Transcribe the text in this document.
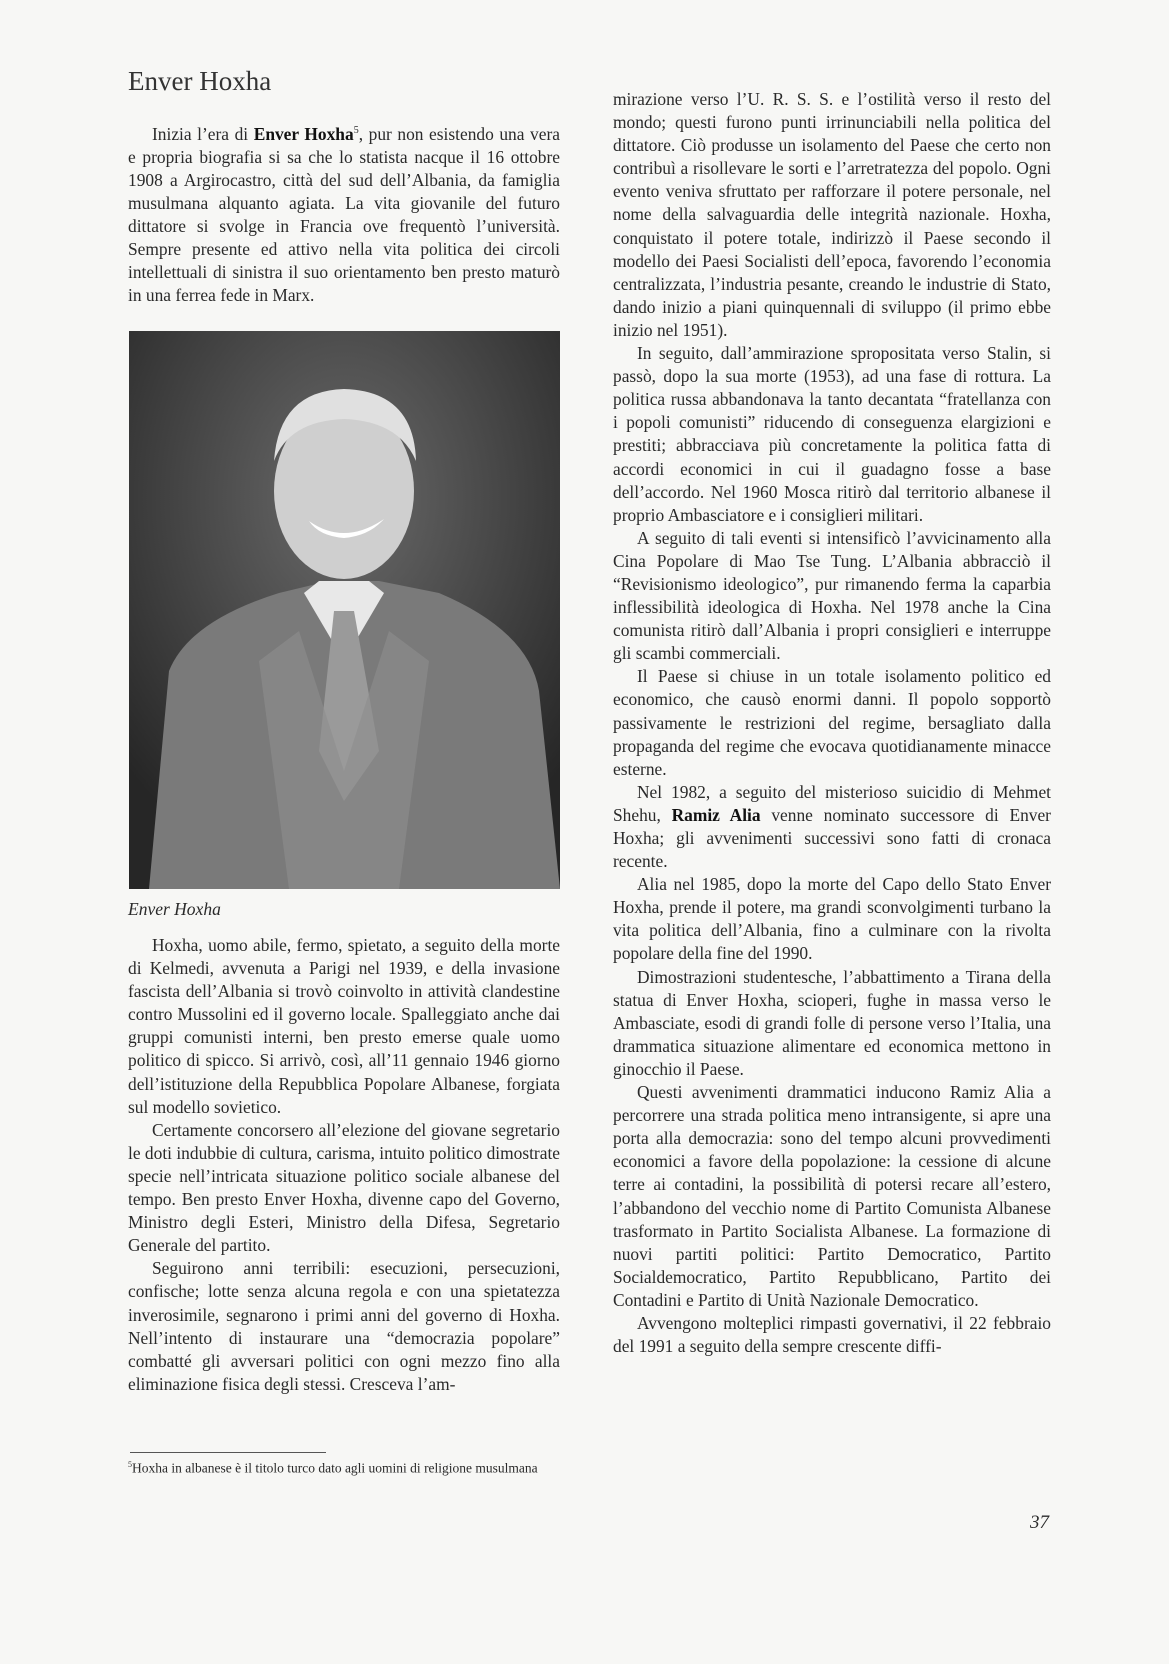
Enver Hoxha

Inizia l’era di Enver Hoxha$^5$, pur non esistendo una vera e propria biografia si sa che lo statista nacque il 16 ottobre 1908 a Argirocastro, città del sud dell’Albania, da famiglia musulmana alquanto agiata. La vita giovanile del futuro dittatore si svolge in Francia ove frequentò l’università. Sempre presente ed attivo nella vita politica dei circoli intellettuali di sinistra il suo orientamento ben presto maturò in una ferrea fede in Marx.

Enver Hoxha

Hoxha, uomo abile, fermo, spietato, a seguito della morte di Kelmedi, avvenuta a Parigi nel 1939, e della invasione fascista dell’Albania si trovò coinvolto in attività clandestine contro Mussolini ed il governo locale. Spalleggiato anche dai gruppi comunisti interni, ben presto emerse quale uomo politico di spicco. Si arrivò, così, all’11 gennaio 1946 giorno dell’istituzione della Repubblica Popolare Albanese, forgiata sul modello sovietico.

Certamente concorsero all’elezione del giovane segretario le doti indubbie di cultura, carisma, intuito politico dimostrate specie nell’intricata situazione politico sociale albanese del tempo. Ben presto Enver Hoxha, divenne capo del Governo, Ministro degli Esteri, Ministro della Difesa, Segretario Generale del partito.

Seguirono anni terribili: esecuzioni, persecuzioni, confische; lotte senza alcuna regola e con una spietatezza inverosimile, segnarono i primi anni del governo di Hoxha. Nell’intento di instaurare una “democrazia popolare” combatté gli avversari politici con ogni mezzo fino alla eliminazione fisica degli stessi. Cresceva l’am-

mirazione verso l’U. R. S. S. e l’ostilità verso il resto del mondo; questi furono punti irrinunciabili nella politica del dittatore. Ciò produsse un isolamento del Paese che certo non contribuì a risollevare le sorti e l’arretratezza del popolo. Ogni evento veniva sfruttato per rafforzare il potere personale, nel nome della salvaguardia delle integrità nazionale. Hoxha, conquistato il potere totale, indirizzò il Paese secondo il modello dei Paesi Socialisti dell’epoca, favorendo l’economia centralizzata, l’industria pesante, creando le industrie di Stato, dando inizio a piani quinquennali di sviluppo (il primo ebbe inizio nel 1951).

In seguito, dall’ammirazione spropositata verso Stalin, si passò, dopo la sua morte (1953), ad una fase di rottura. La politica russa abbandonava la tanto decantata “fratellanza con i popoli comunisti” riducendo di conseguenza elargizioni e prestiti; abbracciava più concretamente la politica fatta di accordi economici in cui il guadagno fosse a base dell’accordo. Nel 1960 Mosca ritirò dal territorio albanese il proprio Ambasciatore e i consiglieri militari.

A seguito di tali eventi si intensificò l’avvicinamento alla Cina Popolare di Mao Tse Tung. L’Albania abbracciò il “Revisionismo ideologico”, pur rimanendo ferma la caparbia inflessibilità ideologica di Hoxha. Nel 1978 anche la Cina comunista ritirò dall’Albania i propri consiglieri e interruppe gli scambi commerciali.

Il Paese si chiuse in un totale isolamento politico ed economico, che causò enormi danni. Il popolo sopportò passivamente le restrizioni del regime, bersagliato dalla propaganda del regime che evocava quotidianamente minacce esterne.

Nel 1982, a seguito del misterioso suicidio di Mehmet Shehu, Ramiz Alia venne nominato successore di Enver Hoxha; gli avvenimenti successivi sono fatti di cronaca recente.

Alia nel 1985, dopo la morte del Capo dello Stato Enver Hoxha, prende il potere, ma grandi sconvolgimenti turbano la vita politica dell’Albania, fino a culminare con la rivolta popolare della fine del 1990.

Dimostrazioni studentesche, l’abbattimento a Tirana della statua di Enver Hoxha, scioperi, fughe in massa verso le Ambasciate, esodi di grandi folle di persone verso l’Italia, una drammatica situazione alimentare ed economica mettono in ginocchio il Paese.

Questi avvenimenti drammatici inducono Ramiz Alia a percorrere una strada politica meno intransigente, si apre una porta alla democrazia: sono del tempo alcuni provvedimenti economici a favore della popolazione: la cessione di alcune terre ai contadini, la possibilità di potersi recare all’estero, l’abbandono del vecchio nome di Partito Comunista Albanese trasformato in Partito Socialista Albanese. La formazione di nuovi partiti politici: Partito Democratico, Partito Socialdemocratico, Partito Repubblicano, Partito dei Contadini e Partito di Unità Nazionale Democratico.

Avvengono molteplici rimpasti governativi, il 22 febbraio del 1991 a seguito della sempre crescente diffi-

$^5$Hoxha in albanese è il titolo turco dato agli uomini di religione musulmana
37
